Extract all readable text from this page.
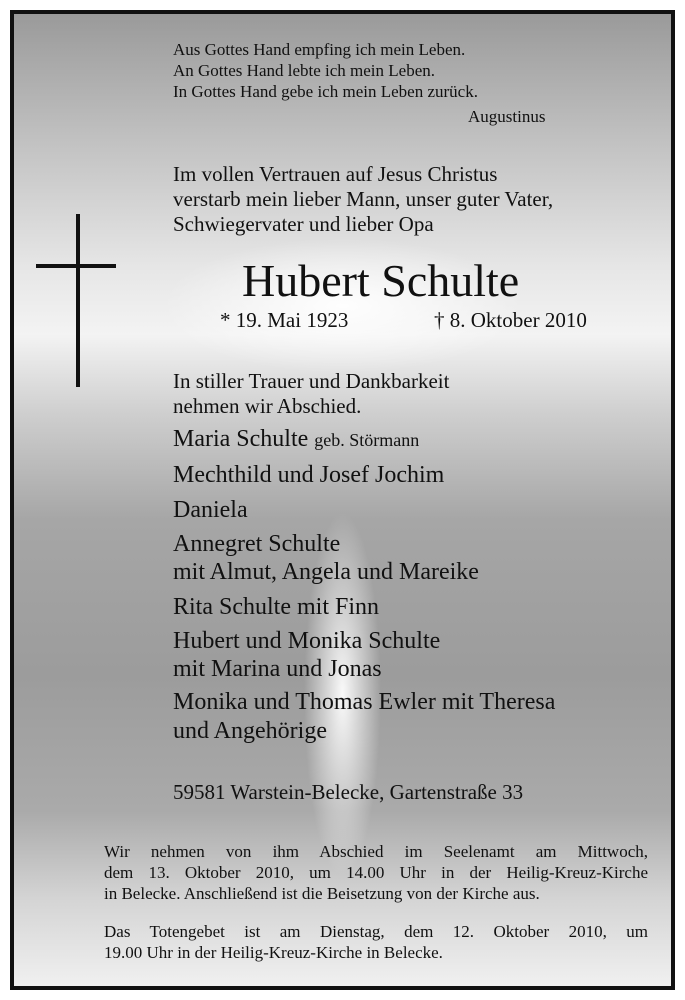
Aus Gottes Hand empfing ich mein Leben.

An Gottes Hand lebte ich mein Leben.

In Gottes Hand gebe ich mein Leben zurück.

Augustinus

Im vollen Vertrauen auf Jesus Christus

verstarb mein lieber Mann, unser guter Vater,

Schwiegervater und lieber Opa

Hubert Schulte

* 19. Mai 1923	† 8. Oktober 2010

In stiller Trauer und Dankbarkeit

nehmen wir Abschied.

Maria Schulte geb. Störmann

Mechthild und Josef Jochim

Daniela

Annegret Schulte

mit Almut, Angela und Mareike

Rita Schulte mit Finn

Hubert und Monika Schulte

mit Marina und Jonas

Monika und Thomas Ewler mit Theresa

und Angehörige

59581 Warstein-Belecke, Gartenstraße 33

Wir nehmen von ihm Abschied im Seelenamt am Mittwoch,

dem 13. Oktober 2010, um 14.00 Uhr in der Heilig-Kreuz-Kirche

in Belecke. Anschließend ist die Beisetzung von der Kirche aus.

Das Totengebet ist am Dienstag, dem 12. Oktober 2010, um

19.00 Uhr in der Heilig-Kreuz-Kirche in Belecke.
